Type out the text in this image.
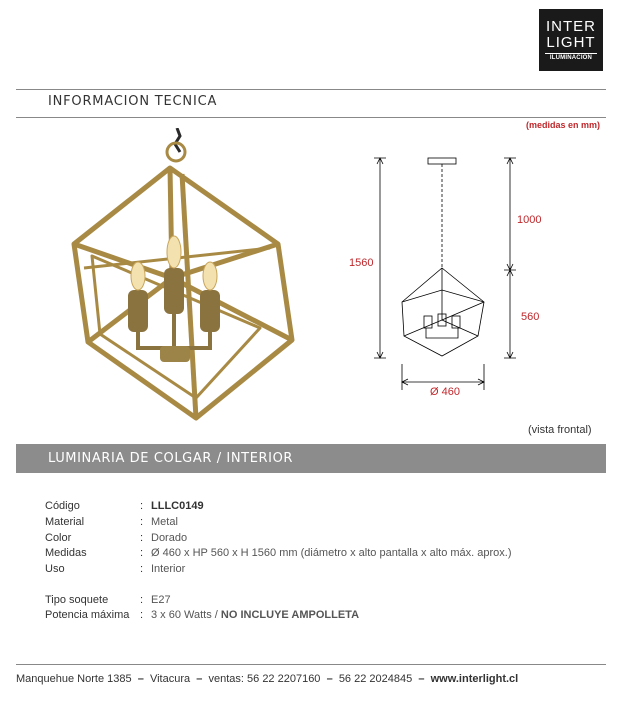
INTER
LIGHT
ILUMINACION
INFORMACION TECNICA
(medidas en mm)
1560
1000
560
Ø 460
(vista frontal)
LUMINARIA DE COLGAR / INTERIOR
Código	: LLLC0149
Material	: Metal
Color	: Dorado
Medidas	: Ø 460 x HP 560 x H 1560 mm (diámetro x alto pantalla x alto máx. aprox.)
Uso	: Interior
Tipo soquete	: E27
Potencia máxima : 3 x 60 Watts / NO INCLUYE AMPOLLETA
Manquehue Norte 1385 – Vitacura – ventas: 56 22 2207160 – 56 22 2024845 – www.interlight.cl
